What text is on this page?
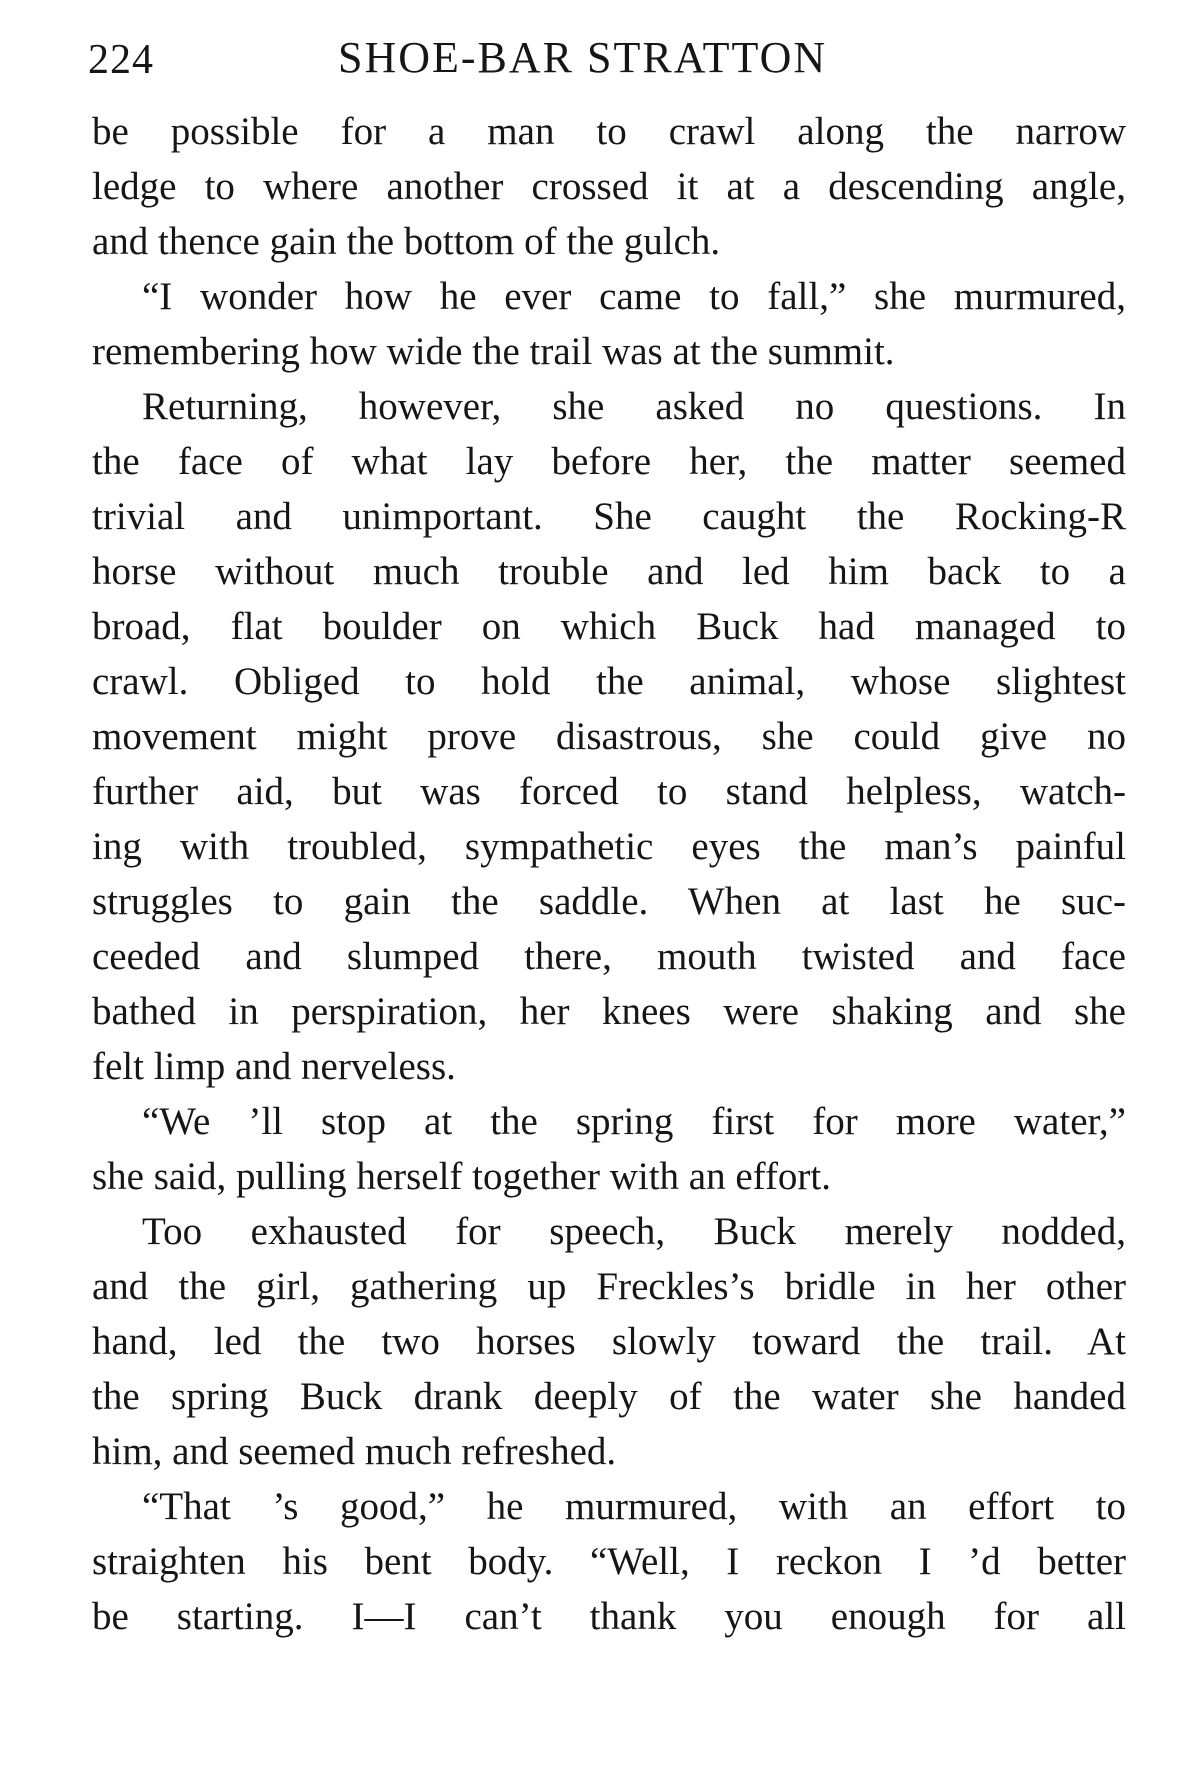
224	SHOE-BAR STRATTON
be possible for a man to crawl along the narrow
ledge to where another crossed it at a descending angle,
and thence gain the bottom of the gulch.
“I wonder how he ever came to fall,” she murmured,
remembering how wide the trail was at the summit.
Returning, however, she asked no questions. In
the face of what lay before her, the matter seemed
trivial and unimportant. She caught the Rocking-R
horse without much trouble and led him back to a
broad, flat boulder on which Buck had managed to
crawl. Obliged to hold the animal, whose slightest
movement might prove disastrous, she could give no
further aid, but was forced to stand helpless, watch-
ing with troubled, sympathetic eyes the man’s painful
struggles to gain the saddle. When at last he suc-
ceeded and slumped there, mouth twisted and face
bathed in perspiration, her knees were shaking and she
felt limp and nerveless.
“We ’ll stop at the spring first for more water,”
she said, pulling herself together with an effort.
Too exhausted for speech, Buck merely nodded,
and the girl, gathering up Freckles’s bridle in her other
hand, led the two horses slowly toward the trail. At
the spring Buck drank deeply of the water she handed
him, and seemed much refreshed.
“That ’s good,” he murmured, with an effort to
straighten his bent body. “Well, I reckon I ’d better
be starting. I—I can’t thank you enough for all
